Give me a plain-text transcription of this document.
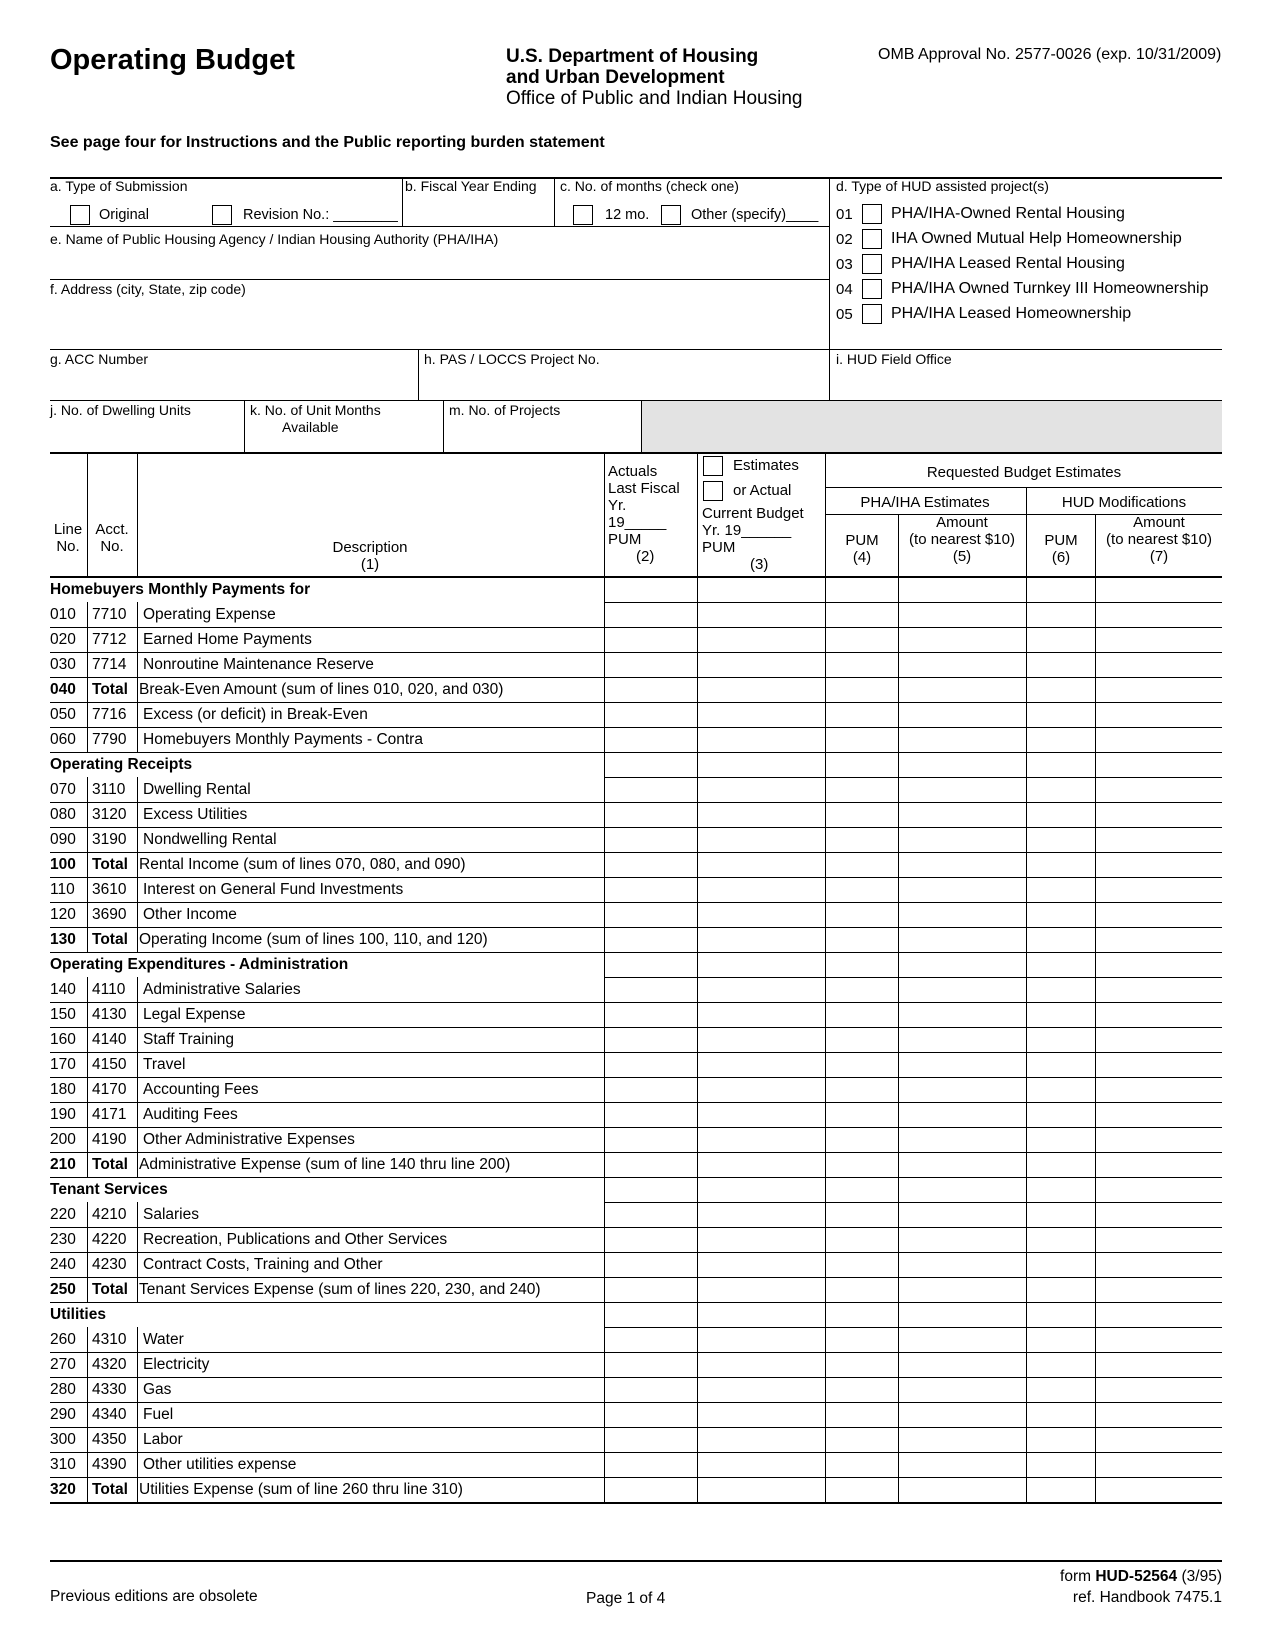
Operating Budget	U.S. Department of Housing
and Urban Development
Office of Public and Indian Housing
OMB Approval No. 2577-0026 (exp. 10/31/2009)
See page four for Instructions and the Public reporting burden statement
a. Type of Submission
Original	Revision No.: ________
b. Fiscal Year Ending c. No. of months (check one)
12 mo.	Other (specify)____
d. Type of HUD assisted project(s)
01 PHA/IHA-Owned Rental Housing
02 IHA Owned Mutual Help Homeownership
03 PHA/IHA Leased Rental Housing
04 PHA/IHA Owned Turnkey III Homeownership
05 PHA/IHA Leased Homeownership
e. Name of Public Housing Agency / Indian Housing Authority (PHA/IHA)
f. Address (city, State, zip code)
g. ACC Number	h. PAS / LOCCS Project No.	i. HUD Field Office
j. No. of Dwelling Units	k. No. of Unit Months
Available
m. No. of Projects
Line
No.
Acct.
No.	Description
(1)
Actuals
Last Fiscal
Yr.
19_____
PUM
(2)
Estimates
or Actual
Current Budget
Yr. 19______
PUM
(3)
Requested Budget Estimates
PHA/IHA Estimates	HUD Modifications
PUM
(4)
Amount
(to nearest $10)
(5)
PUM
(6)
Amount
(to nearest $10)
(7)
Homebuyers Monthly Payments for
010 7710 Operating Expense
020 7712 Earned Home Payments
030 7714 Nonroutine Maintenance Reserve
040 Total Break-Even Amount (sum of lines 010, 020, and 030)
050 7716 Excess (or deficit) in Break-Even
060 7790 Homebuyers Monthly Payments - Contra
Operating Receipts
070 3110 Dwelling Rental
080 3120 Excess Utilities
090 3190 Nondwelling Rental
100 Total Rental Income (sum of lines 070, 080, and 090)
110 3610 Interest on General Fund Investments
120 3690 Other Income
130 Total Operating Income (sum of lines 100, 110, and 120)
Operating Expenditures - Administration
140 4110 Administrative Salaries
150 4130 Legal Expense
160 4140 Staff Training
170 4150 Travel
180 4170 Accounting Fees
190 4171 Auditing Fees
200 4190 Other Administrative Expenses
210 Total Administrative Expense (sum of line 140 thru line 200)
Tenant Services
220 4210 Salaries
230 4220 Recreation, Publications and Other Services
240 4230 Contract Costs, Training and Other
250 Total Tenant Services Expense (sum of lines 220, 230, and 240)
Utilities
260 4310 Water
270 4320 Electricity
280 4330 Gas
290 4340 Fuel
300 4350 Labor
310 4390 Other utilities expense
320 Total Utilities Expense (sum of line 260 thru line 310)
Previous editions are obsolete	Page 1 of 4
form HUD-52564 (3/95)
ref. Handbook 7475.1
